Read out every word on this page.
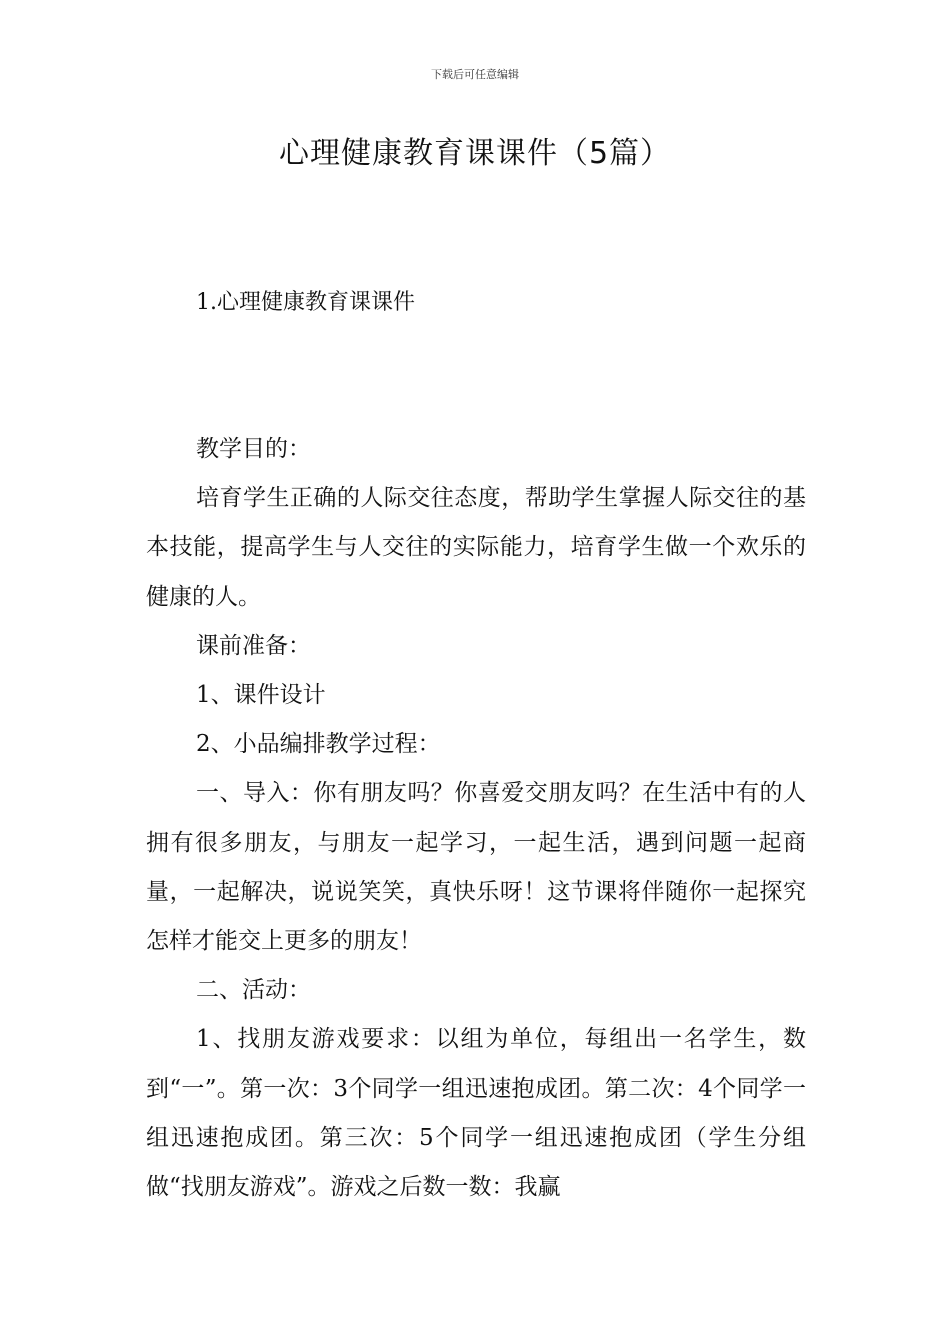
下载后可任意编辑
心理健康教育课课件（5篇）
1.心理健康教育课课件

教学目的：

培育学生正确的人际交往态度，帮助学生掌握人际交往的基本技能，提高学生与人交往的实际能力，培育学生做一个欢乐的健康的人。

课前准备：

1、课件设计

2、小品编排教学过程：

一、导入：你有朋友吗？你喜爱交朋友吗？在生活中有的人拥有很多朋友，与朋友一起学习，一起生活，遇到问题一起商量，一起解决，说说笑笑，真快乐呀！这节课将伴随你一起探究怎样才能交上更多的朋友！

二、活动：

1、找朋友游戏要求：以组为单位，每组出一名学生，数到“一”。第一次：3个同学一组迅速抱成团。第二次：4个同学一组迅速抱成团。第三次：5个同学一组迅速抱成团（学生分组做“找朋友游戏”。游戏之后数一数：我赢
